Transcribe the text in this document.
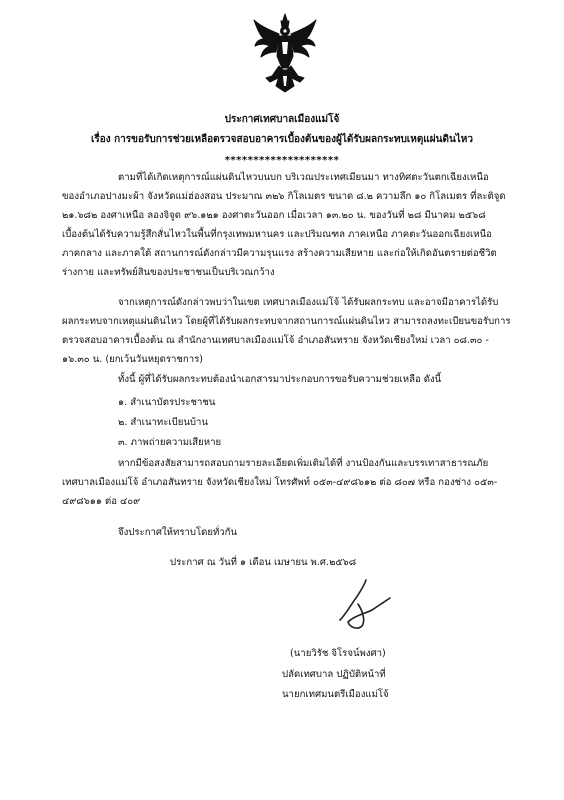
ประกาศเทศบาลเมืองแม่โจ้
เรื่อง การขอรับการช่วยเหลือตรวจสอบอาคารเบื้องต้นของผู้ได้รับผลกระทบเหตุแผ่นดินไหว
********************
ตามที่ได้เกิดเหตุการณ์แผ่นดินไหวบนบก บริเวณประเทศเมียนมา ทางทิศตะวันตกเฉียงเหนือ
ของอำเภอปางมะผ้า จังหวัดแม่ฮ่องสอน ประมาณ ๓๒๖ กิโลเมตร ขนาด ๘.๒ ความลึก ๑๐ กิโลเมตร ที่ละติจูด
๒๑.๖๘๒ องศาเหนือ ลองจิจูด ๙๖.๑๒๑ องศาตะวันออก เมื่อเวลา ๑๓.๒๐ น. ของวันที่ ๒๘ มีนาคม ๒๕๖๘
เบื้องต้นได้รับความรู้สึกสั่นไหวในพื้นที่กรุงเทพมหานคร และปริมณฑล ภาคเหนือ ภาคตะวันออกเฉียงเหนือ
ภาคกลาง และภาคใต้ สถานการณ์ดังกล่าวมีความรุนแรง สร้างความเสียหาย และก่อให้เกิดอันตรายต่อชีวิต
ร่างกาย และทรัพย์สินของประชาชนเป็นบริเวณกว้าง
จากเหตุการณ์ดังกล่าวพบว่าในเขต เทศบาลเมืองแม่โจ้ ได้รับผลกระทบ และอาจมีอาคารได้รับ
ผลกระทบจากเหตุแผ่นดินไหว โดยผู้ที่ได้รับผลกระทบจากสถานการณ์แผ่นดินไหว สามารถลงทะเบียนขอรับการ
ตรวจสอบอาคารเบื้องต้น ณ สำนักงานเทศบาลเมืองแม่โจ้ อำเภอสันทราย จังหวัดเชียงใหม่ เวลา ๐๘.๓๐ -
๑๖.๓๐ น. (ยกเว้นวันหยุดราชการ)
ทั้งนี้ ผู้ที่ได้รับผลกระทบต้องนำเอกสารมาประกอบการขอรับความช่วยเหลือ ดังนี้
๑. สำเนาบัตรประชาชน
๒. สำเนาทะเบียนบ้าน
๓. ภาพถ่ายความเสียหาย
หากมีข้อสงสัยสามารถสอบถามรายละเอียดเพิ่มเติมได้ที่ งานป้องกันและบรรเทาสาธารณภัย
เทศบาลเมืองแม่โจ้ อำเภอสันทราย จังหวัดเชียงใหม่ โทรศัพท์ ๐๕๓-๔๙๘๖๑๒ ต่อ ๘๐๗ หรือ กองช่าง ๐๕๓-
๔๙๘๖๑๑ ต่อ ๔๐๙
จึงประกาศให้ทราบโดยทั่วกัน
ประกาศ ณ วันที่ ๑ เดือน เมษายน พ.ศ.๒๕๖๘
(นายวิรัช จิโรจน์พงศา)
ปลัดเทศบาล ปฏิบัติหน้าที่
นายกเทศมนตรีเมืองแม่โจ้
